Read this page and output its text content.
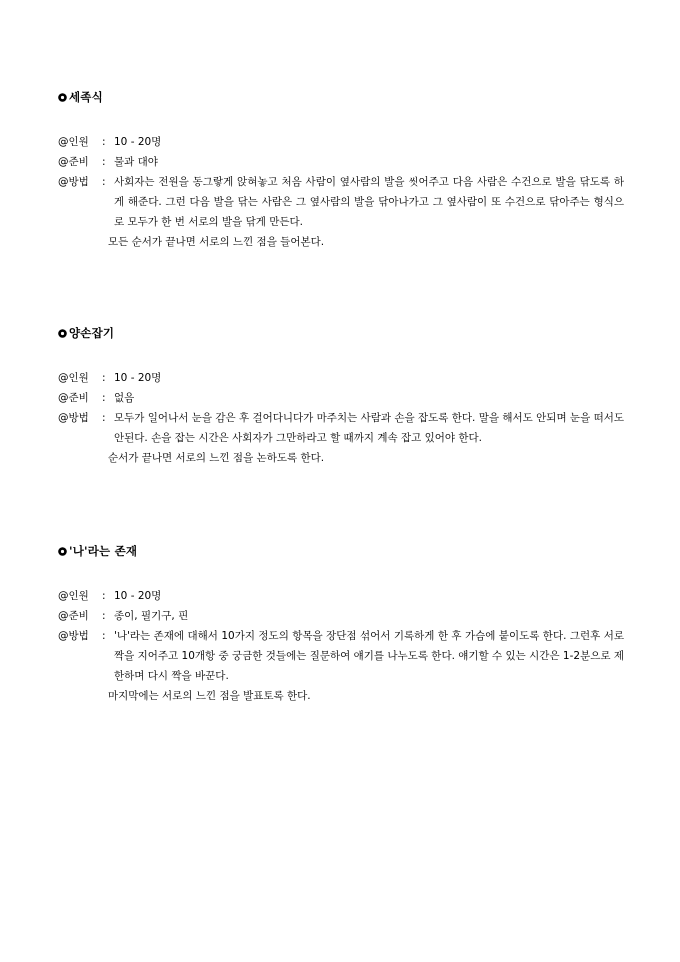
세족식
@인원	: 10 - 20명
@준비	: 물과 대야
@방법	: 사회자는 전원을 동그랗게 앉혀놓고 처음 사람이 옆사람의 발을 씻어주고 다음 사람은 수건으로 발을 닦도록 하게 해준다. 그런 다음 발을 닦는 사람은 그 옆사람의 발을 닦아나가고 그 옆사람이 또 수건으로 닦아주는 형식으로 모두가 한 번 서로의 발을 닦게 만든다.
모든 순서가 끝나면 서로의 느낀 점을 들어본다.
양손잡기
@인원	: 10 - 20명
@준비	: 없음
@방법	: 모두가 일어나서 눈을 감은 후 걸어다니다가 마주치는 사람과 손을 잡도록 한다. 말을 해서도 안되며 눈을 떠서도 안된다. 손을 잡는 시간은 사회자가 그만하라고 할 때까지 계속 잡고 있어야 한다.
순서가 끝나면 서로의 느낀 점을 논하도록 한다.
'나'라는 존재
@인원	: 10 - 20명
@준비	: 종이, 필기구, 핀
@방법	: '나'라는 존재에 대해서 10가지 정도의 항목을 장단점 섞어서 기록하게 한 후 가슴에 붙이도록 한다. 그런후 서로 짝을 지어주고 10개항 중 궁금한 것들에는 질문하여 얘기를 나누도록 한다. 얘기할 수 있는 시간은 1-2분으로 제한하며 다시 짝을 바꾼다.
마지막에는 서로의 느낀 점을 발표토록 한다.
